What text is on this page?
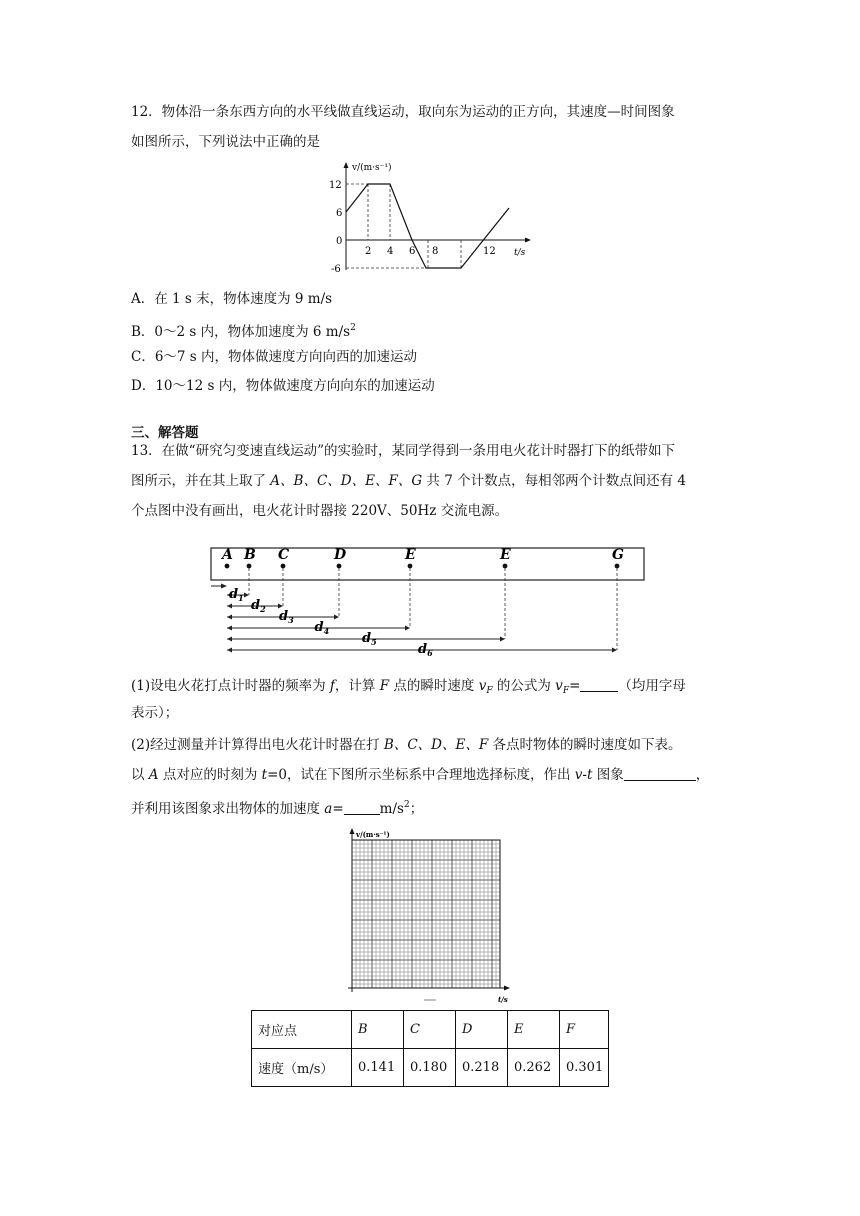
12．物体沿一条东西方向的水平线做直线运动，取向东为运动的正方向，其速度—时间图象
如图所示，下列说法中正确的是
v/(m·s⁻¹)
t/s
0
12
6
-6
2 4 6 8	12
A．在 1 s 末，物体速度为 9 m/s
B．0～2 s 内，物体加速度为 6 $m/s^2$
C．6～7 s 内，物体做速度方向向西的加速运动
D．10～12 s 内，物体做速度方向向东的加速运动
三、解答题
13．在做“研究匀变速直线运动”的实验时，某同学得到一条用电火花计时器打下的纸带如下
图所示，并在其上取了 A、B、C、D、E、F、G 共 7 个计数点，每相邻两个计数点间还有 4
个点图中没有画出，电火花计时器接 220V、50Hz 交流电源。
A B C	D	E	E	G
$d_1$ $d_2$ $d_3$ $d_4$	$d_5$	$d_6$
(1)设电火花打点计时器的频率为 f，计算 F 点的瞬时速度 $v_F$ 的公式为 $v_F=$	（均用字母
表示）；
(2)经过测量并计算得出电火花计时器在打 B、C、D、E、F 各点时物体的瞬时速度如下表。
以 A 点对应的时刻为 t=0，试在下图所示坐标系中合理地选择标度，作出 v-t 图象	，
并利用该图象求出物体的加速度 a=	$m/s^2$；
v/(m·s⁻¹)
t/s
对应点	B	C	D	E	F
速度（m/s）	0.141	0.180	0.218	0.262	0.301
